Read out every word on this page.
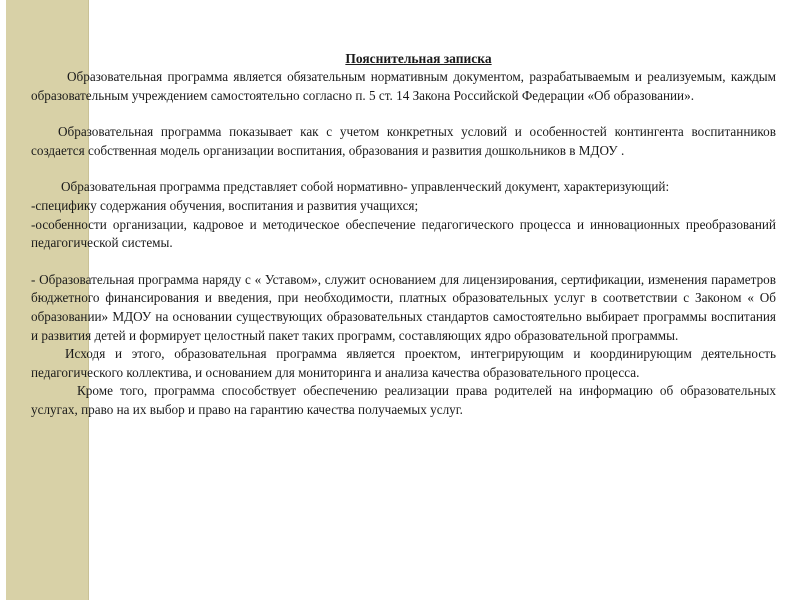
Пояснительная записка

Образовательная программа является обязательным нормативным документом, разрабатываемым и реализуемым, каждым образовательным учреждением самостоятельно согласно п. 5 ст. 14 Закона Российской Федерации «Об образовании».

Образовательная программа показывает как с учетом конкретных условий и особенностей контингента воспитанников создается собственная модель организации воспитания, образования и развития дошкольников в МДОУ .

Образовательная программа представляет собой нормативно- управленческий документ, характеризующий:

-специфику содержания обучения, воспитания и развития учащихся;

-особенности организации, кадровое и методическое обеспечение педагогического процесса и инновационных преобразований педагогической системы.

- Образовательная программа наряду с « Уставом», служит основанием для лицензирования, сертификации, изменения параметров бюджетного финансирования и введения, при необходимости, платных образовательных услуг в соответствии с Законом « Об образовании» МДОУ на основании существующих образовательных стандартов самостоятельно выбирает программы воспитания и развития детей и формирует целостный пакет таких программ, составляющих ядро образовательной программы.

Исходя и этого, образовательная программа является проектом, интегрирующим и координирующим деятельность педагогического коллектива, и основанием для мониторинга и анализа качества образовательного процесса.

Кроме того, программа способствует обеспечению реализации права родителей на информацию об образовательных услугах, право на их выбор и право на гарантию качества получаемых услуг.
